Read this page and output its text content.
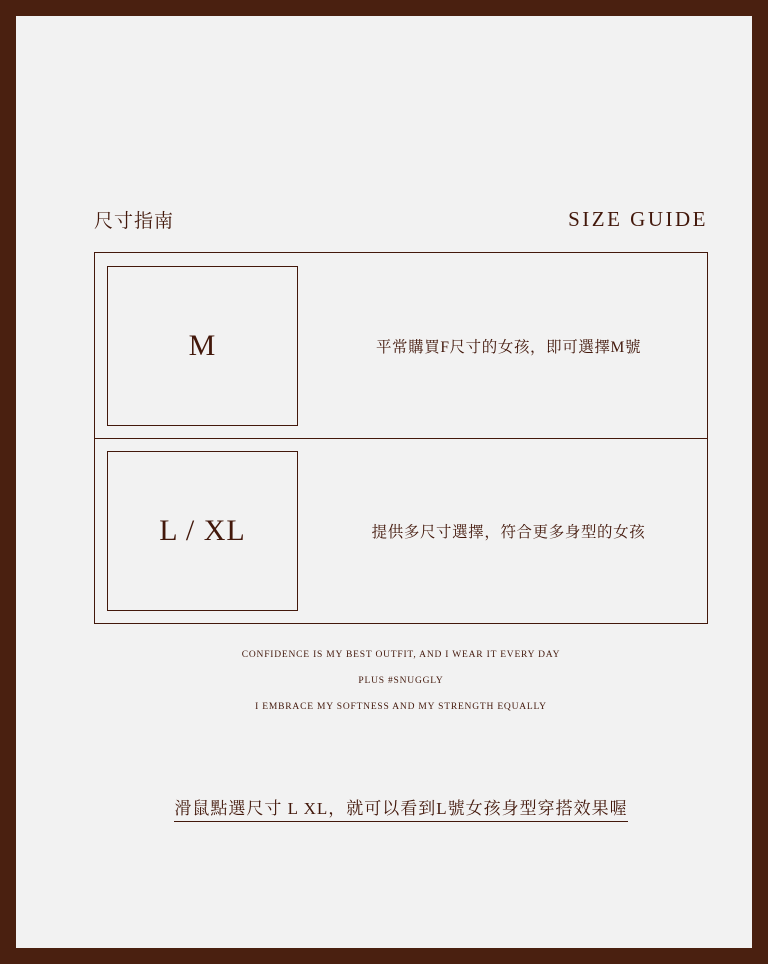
尺寸指南	SIZE GUIDE
M	平常購買F尺寸的女孩，即可選擇M號
L / XL	提供多尺寸選擇，符合更多身型的女孩
CONFIDENCE IS MY BEST OUTFIT, AND I WEAR IT EVERY DAY
PLUS #SNUGGLY
I EMBRACE MY SOFTNESS AND MY STRENGTH EQUALLY
滑鼠點選尺寸 L XL，就可以看到L號女孩身型穿搭效果喔
